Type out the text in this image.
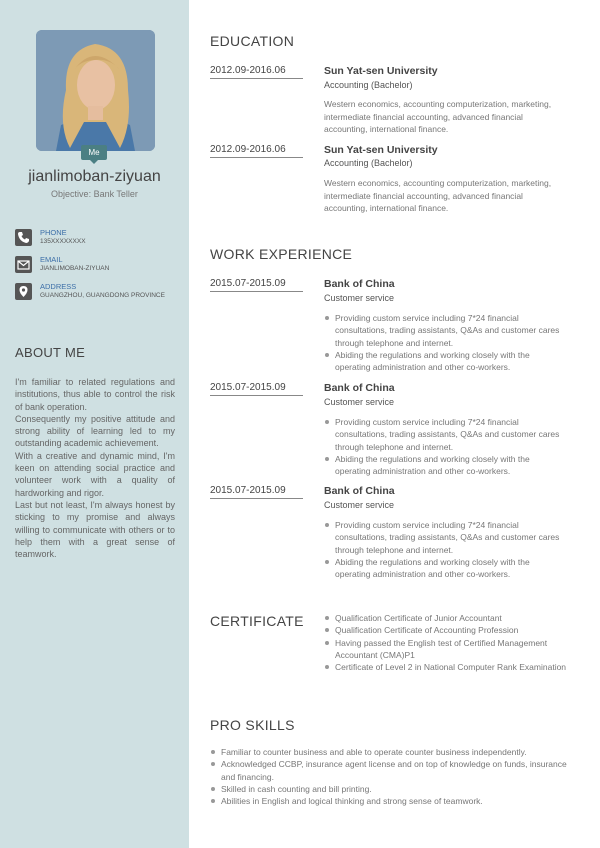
Me
jianlimoban-ziyuan
Objective: Bank Teller
PHONE
135XXXXXXXX
EMAIL
JIANLIMOBAN-ZIYUAN
ADDRESS
GUANGZHOU, GUANGDONG PROVINCE
ABOUT ME

I'm familiar to related regulations and institutions, thus able to control the risk of bank operation.

Consequently my positive attitude and strong ability of learning led to my outstanding academic achievement.

With a creative and dynamic mind, I'm keen on attending social practice and volunteer work with a quality of hardworking and rigor.

Last but not least, I'm always honest by sticking to my promise and always willing to communicate with others or to help them with a great sense of teamwork.

EDUCATION
2012.09-2016.06	Sun Yat-sen University
Accounting (Bachelor)
Western economics, accounting computerization, marketing, intermediate financial accounting, advanced financial accounting, international finance.
2012.09-2016.06	Sun Yat-sen University
Accounting (Bachelor)
Western economics, accounting computerization, marketing, intermediate financial accounting, advanced financial accounting, international finance.
WORK EXPERIENCE
2015.07-2015.09	Bank of China
Customer service
Providing custom service including 7*24 financial consultations, trading assistants, Q&As and customer cares through telephone and internet.
Abiding the regulations and working closely with the operating administration and other co-workers.
2015.07-2015.09	Bank of China
Customer service
Providing custom service including 7*24 financial consultations, trading assistants, Q&As and customer cares through telephone and internet.
Abiding the regulations and working closely with the operating administration and other co-workers.
2015.07-2015.09	Bank of China
Customer service
Providing custom service including 7*24 financial consultations, trading assistants, Q&As and customer cares through telephone and internet.
Abiding the regulations and working closely with the operating administration and other co-workers.
CERTIFICATE	Qualification Certificate of Junior Accountant
Qualification Certificate of Accounting Profession
Having passed the English test of Certified Management Accountant (CMA)P1
Certificate of Level 2 in National Computer Rank Examination
PRO SKILLS
Familiar to counter business and able to operate counter business independently.
Acknowledged CCBP, insurance agent license and on top of knowledge on funds, insurance and financing.
Skilled in cash counting and bill printing.
Abilities in English and logical thinking and strong sense of teamwork.
